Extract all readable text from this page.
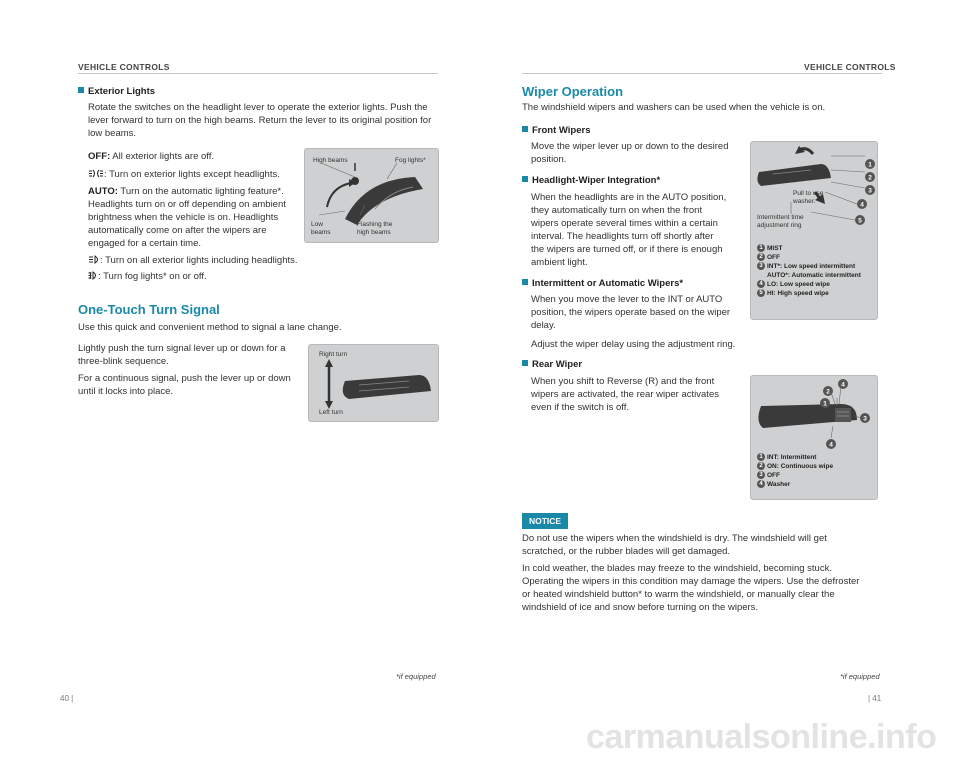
VEHICLE CONTROLS
Exterior Lights
Rotate the switches on the headlight lever to operate the exterior lights. Push the
lever forward to turn on the high beams. Return the lever to its original position for
low beams.
OFF: All exterior lights are off.
: Turn on exterior lights except headlights.
AUTO: Turn on the automatic lighting feature*.
Headlights turn on or off depending on ambient
brightness when the vehicle is on. Headlights
automatically come on after the wipers are
engaged for a certain time.
: Turn on all exterior lights including headlights.
: Turn fog lights* on or off.
High beams	Fog lights*
Low
beams
Flashing the
high beams
One-Touch Turn Signal
Use this quick and convenient method to signal a lane change.
Lightly push the turn signal lever up or down for a
three-blink sequence.
For a continuous signal, push the lever up or down
until it locks into place.
Right turn
Left turn
*if equipped
40 |
VEHICLE CONTROLS
Wiper Operation
The windshield wipers and washers can be used when the vehicle is on.
Front Wipers
Move the wiper lever up or down to the desired
position.
Headlight-Wiper Integration*
When the headlights are in the AUTO position,
they automatically turn on when the front
wipers operate several times within a certain
interval. The headlights turn off shortly after
the wipers are turned off, or if there is enough
ambient light.
Intermittent or Automatic Wipers*
When you move the lever to the INT or AUTO
position, the wipers operate based on the wiper
delay.
Adjust the wiper delay using the adjustment ring.
Rear Wiper
When you shift to Reverse (R) and the front
wipers are activated, the rear wiper activates
even if the switch is off.
1
2
3
4
5
Pull to use
washer.
Intermittent time
adjustment ring
1 MIST
2 OFF
3 INT*: Low speed intermittent
AUTO*: Automatic intermittent
4 LO: Low speed wipe
5 HI: High speed wipe
2
4
1
3
4
1 INT: Intermittent
2 ON: Continuous wipe
3 OFF
4 Washer
NOTICE
Do not use the wipers when the windshield is dry. The windshield will get
scratched, or the rubber blades will get damaged.
In cold weather, the blades may freeze to the windshield, becoming stuck.
Operating the wipers in this condition may damage the wipers. Use the defroster
or heated windshield button* to warm the windshield, or manually clear the
windshield of ice and snow before turning on the wipers.
*if equipped
| 41
carmanualsonline.info
